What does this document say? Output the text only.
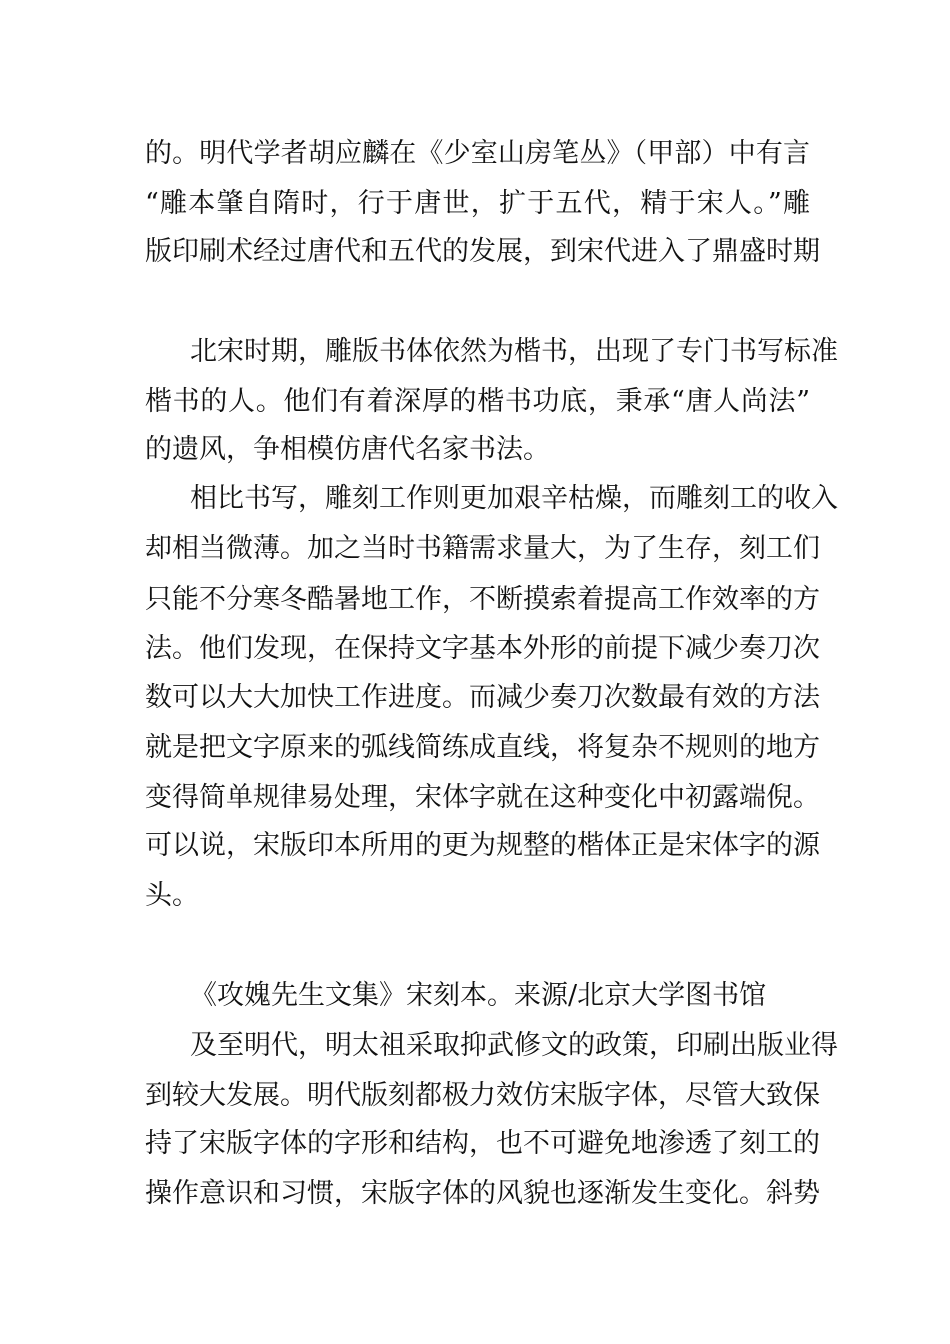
的。明代学者胡应麟在《少室山房笔丛》（甲部）中有言
“雕本肇自隋时，行于唐世，扩于五代，精于宋人。”雕
版印刷术经过唐代和五代的发展，到宋代进入了鼎盛时期
北宋时期，雕版书体依然为楷书，出现了专门书写标准
楷书的人。他们有着深厚的楷书功底，秉承“唐人尚法”
的遗风，争相模仿唐代名家书法。
相比书写，雕刻工作则更加艰辛枯燥，而雕刻工的收入
却相当微薄。加之当时书籍需求量大，为了生存，刻工们
只能不分寒冬酷暑地工作，不断摸索着提高工作效率的方
法。他们发现，在保持文字基本外形的前提下减少奏刀次
数可以大大加快工作进度。而减少奏刀次数最有效的方法
就是把文字原来的弧线简练成直线，将复杂不规则的地方
变得简单规律易处理，宋体字就在这种变化中初露端倪。
可以说，宋版印本所用的更为规整的楷体正是宋体字的源
头。
《攻媿先生文集》宋刻本。来源/北京大学图书馆
及至明代，明太祖采取抑武修文的政策，印刷出版业得
到较大发展。明代版刻都极力效仿宋版字体，尽管大致保
持了宋版字体的字形和结构，也不可避免地渗透了刻工的
操作意识和习惯，宋版字体的风貌也逐渐发生变化。斜势
